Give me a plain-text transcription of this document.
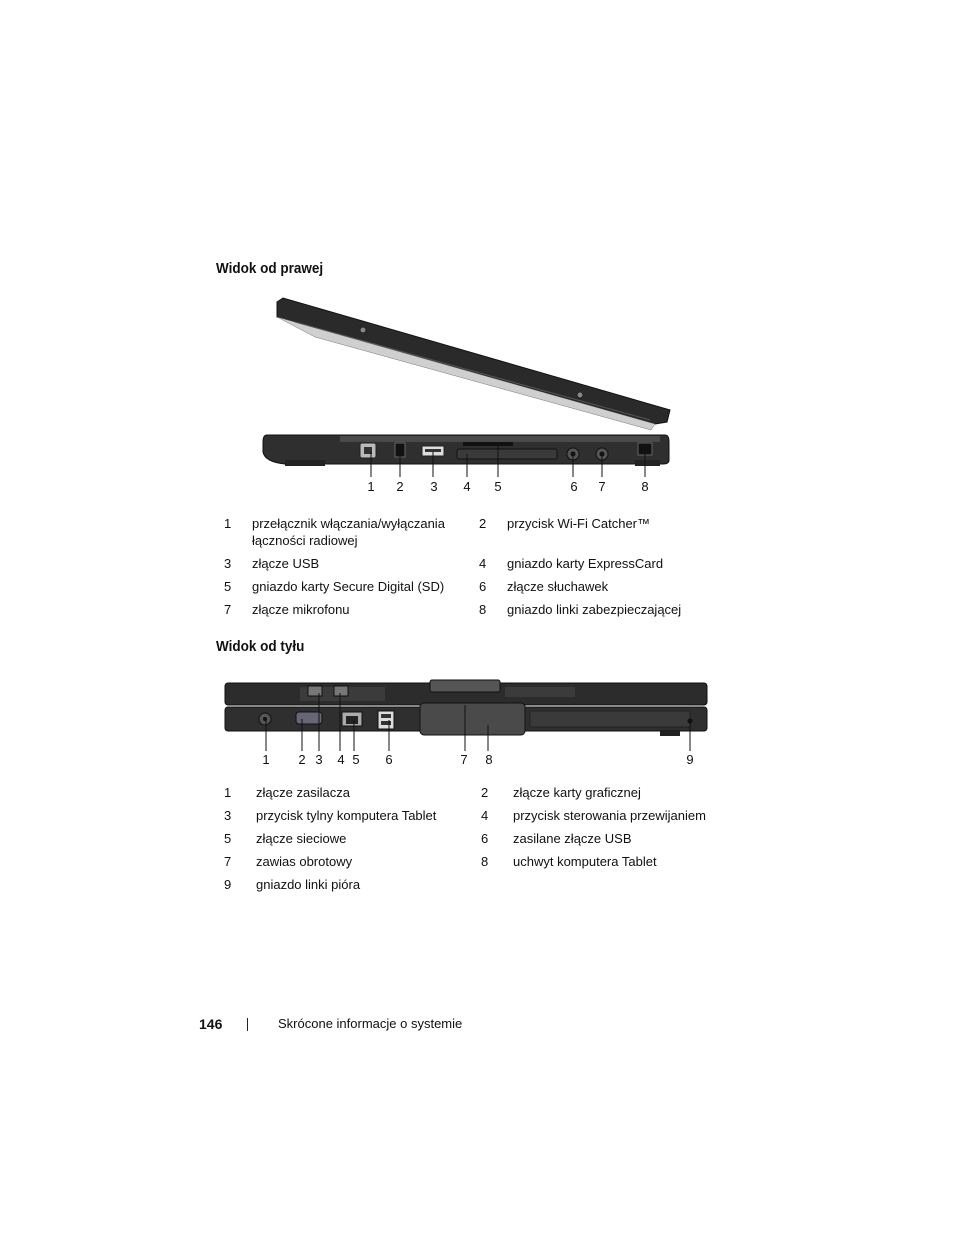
Widok od prawej
1	2	3	4	5	6	7	8
1	przełącznik włączania/wyłączania łączności radiowej	2	przycisk Wi-Fi Catcher™
3	złącze USB	4	gniazdo karty ExpressCard
5	gniazdo karty Secure Digital (SD)	6	złącze słuchawek
7	złącze mikrofonu	8	gniazdo linki zabezpieczającej
Widok od tyłu
1	2 3	4 5	6	7	8	9
1	złącze zasilacza	2	złącze karty graficznej
3	przycisk tylny komputera Tablet	4	przycisk sterowania przewijaniem
5	złącze sieciowe	6	zasilane złącze USB
7	zawias obrotowy	8	uchwyt komputera Tablet
9	gniazdo linki pióra		
146	Skrócone informacje o systemie
